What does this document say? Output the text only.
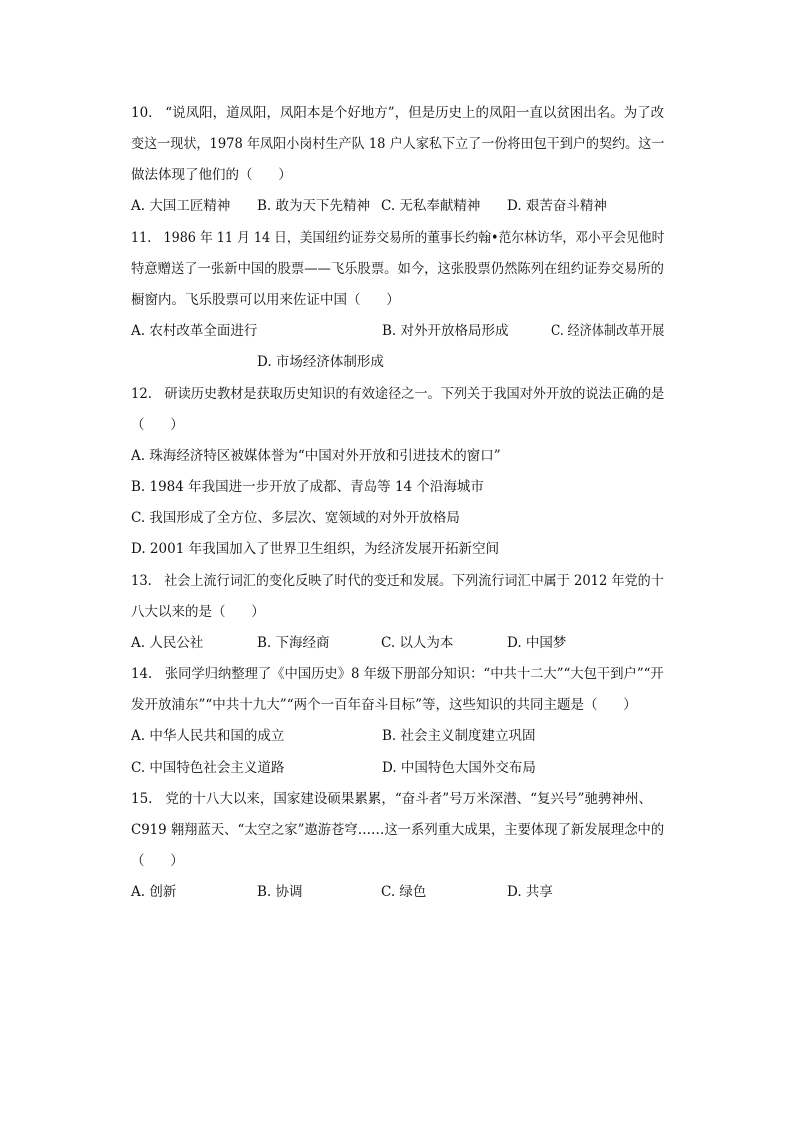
10.   “说凤阳，道凤阳，凤阳本是个好地方”，但是历史上的凤阳一直以贫困出名。为了改
变这一现状，1978 年凤阳小岗村生产队 18 户人家私下立了一份将田包干到户的契约。这一
做法体现了他们的（      ）
A. 大国工匠精神 B. 敢为天下先精神 C. 无私奉献精神 D. 艰苦奋斗精神
11.   1986 年 11 月 14 日，美国纽约证券交易所的董事长约翰•范尔林访华，邓小平会见他时
特意赠送了一张新中国的股票——飞乐股票。如今，这张股票仍然陈列在纽约证券交易所的
橱窗内。飞乐股票可以用来佐证中国（      ）
A. 农村改革全面进行	B. 对外开放格局形成	C. 经济体制改革开展
D. 市场经济体制形成
12.   研读历史教材是获取历史知识的有效途径之一。下列关于我国对外开放的说法正确的是
（      ）
A. 珠海经济特区被媒体誉为“中国对外开放和引进技术的窗口”
B. 1984 年我国进一步开放了成都、青岛等 14 个沿海城市
C. 我国形成了全方位、多层次、宽领域的对外开放格局
D. 2001 年我国加入了世界卫生组织，为经济发展开拓新空间
13.   社会上流行词汇的变化反映了时代的变迁和发展。下列流行词汇中属于 2012 年党的十
八大以来的是（      ）
A. 人民公社	B. 下海经商	C. 以人为本	D. 中国梦
14.   张同学归纳整理了《中国历史》8 年级下册部分知识：“中共十二大”“大包干到户”“开
发开放浦东”“中共十九大”“两个一百年奋斗目标”等，这些知识的共同主题是（      ）
A. 中华人民共和国的成立	B. 社会主义制度建立巩固
C. 中国特色社会主义道路	D. 中国特色大国外交布局
15.   党的十八大以来，国家建设硕果累累，“奋斗者”号万米深潜、“复兴号”驰骋神州、
C919 翱翔蓝天、“太空之家”遨游苍穹……这一系列重大成果，主要体现了新发展理念中的
（      ）
A. 创新	B. 协调	C. 绿色	D. 共享
